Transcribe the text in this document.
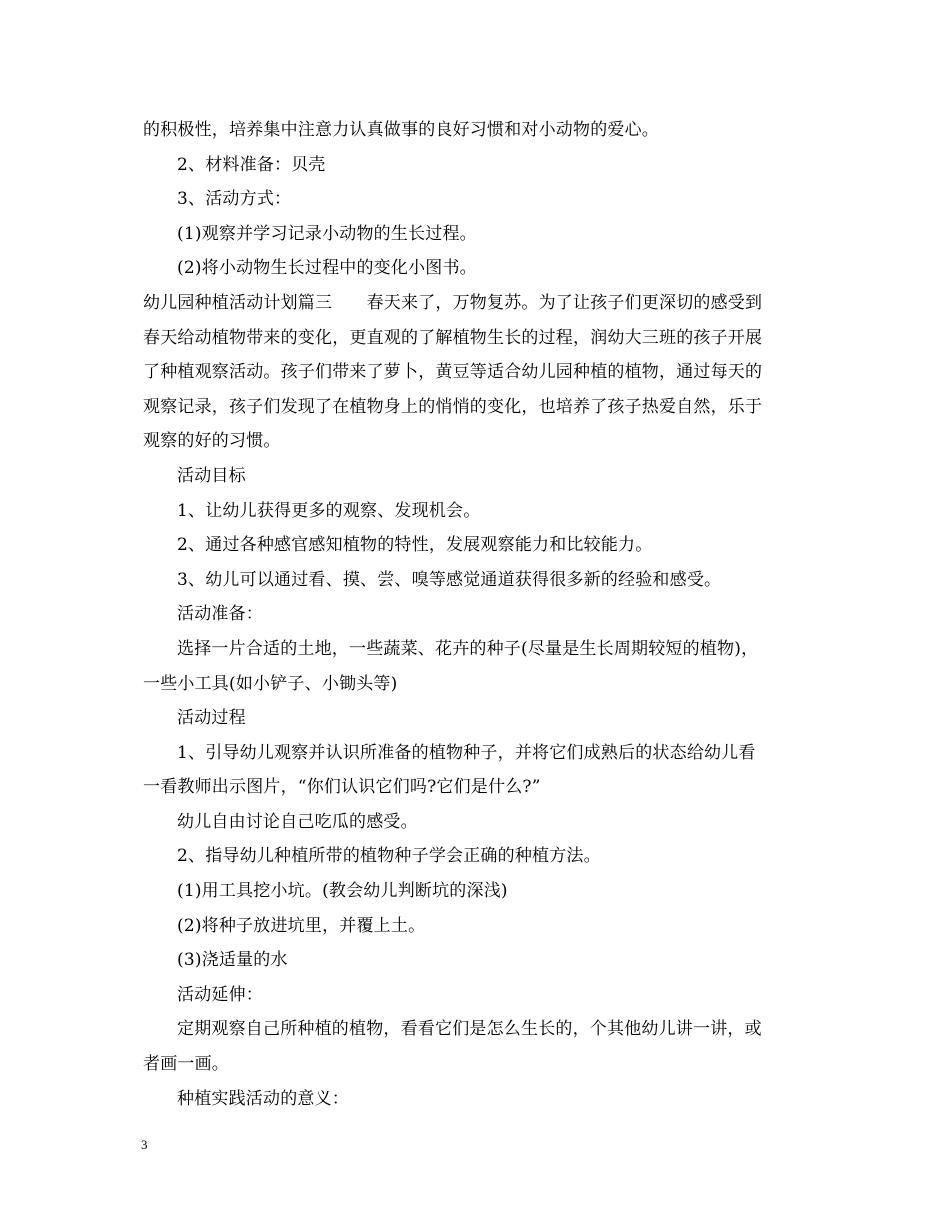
的积极性，培养集中注意力认真做事的良好习惯和对小动物的爱心。
2、材料准备：贝壳
3、活动方式：
(1)观察并学习记录小动物的生长过程。
(2)将小动物生长过程中的变化小图书。
幼儿园种植活动计划篇三　　春天来了，万物复苏。为了让孩子们更深切的感受到
春天给动植物带来的变化，更直观的了解植物生长的过程，润幼大三班的孩子开展
了种植观察活动。孩子们带来了萝卜，黄豆等适合幼儿园种植的植物，通过每天的
观察记录，孩子们发现了在植物身上的悄悄的变化，也培养了孩子热爱自然，乐于
观察的好的习惯。
活动目标
1、让幼儿获得更多的观察、发现机会。
2、通过各种感官感知植物的特性，发展观察能力和比较能力。
3、幼儿可以通过看、摸、尝、嗅等感觉通道获得很多新的经验和感受。
活动准备：
选择一片合适的土地，一些蔬菜、花卉的种子(尽量是生长周期较短的植物)，
一些小工具(如小铲子、小锄头等)
活动过程
1、引导幼儿观察并认识所准备的植物种子，并将它们成熟后的状态给幼儿看
一看教师出示图片，“你们认识它们吗?它们是什么?”
幼儿自由讨论自己吃瓜的感受。
2、指导幼儿种植所带的植物种子学会正确的种植方法。
(1)用工具挖小坑。(教会幼儿判断坑的深浅)
(2)将种子放进坑里，并覆上土。
(3)浇适量的水
活动延伸：
定期观察自己所种植的植物，看看它们是怎么生长的，个其他幼儿讲一讲，或
者画一画。
种植实践活动的意义：
3
